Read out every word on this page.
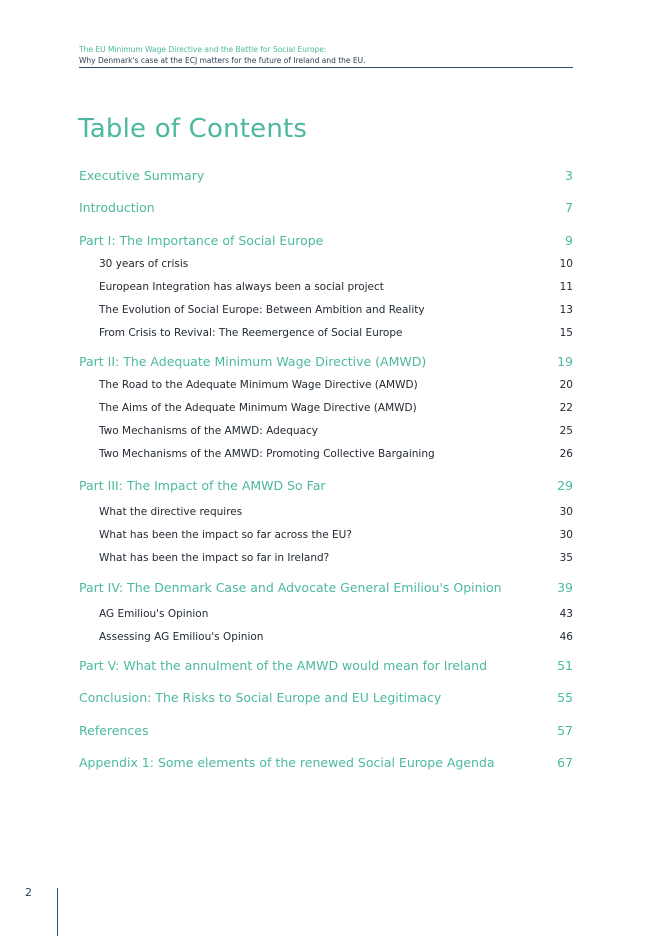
The EU Minimum Wage Directive and the Battle for Social Europe:
Why Denmark's case at the ECJ matters for the future of Ireland and the EU.
Table of Contents
Executive Summary	3
Introduction	7
Part I: The Importance of Social Europe	9
30 years of crisis	10
European Integration has always been a social project	11
The Evolution of Social Europe: Between Ambition and Reality	13
From Crisis to Revival: The Reemergence of Social Europe	15
Part II: The Adequate Minimum Wage Directive (AMWD)	19
The Road to the Adequate Minimum Wage Directive (AMWD)	20
The Aims of the Adequate Minimum Wage Directive (AMWD)	22
Two Mechanisms of the AMWD: Adequacy	25
Two Mechanisms of the AMWD: Promoting Collective Bargaining	26
Part III: The Impact of the AMWD So Far	29
What the directive requires	30
What has been the impact so far across the EU?	30
What has been the impact so far in Ireland?	35
Part IV: The Denmark Case and Advocate General Emiliou's Opinion	39
AG Emiliou's Opinion	43
Assessing AG Emiliou's Opinion	46
Part V: What the annulment of the AMWD would mean for Ireland	51
Conclusion: The Risks to Social Europe and EU Legitimacy	55
References	57
Appendix 1: Some elements of the renewed Social Europe Agenda	67
2
